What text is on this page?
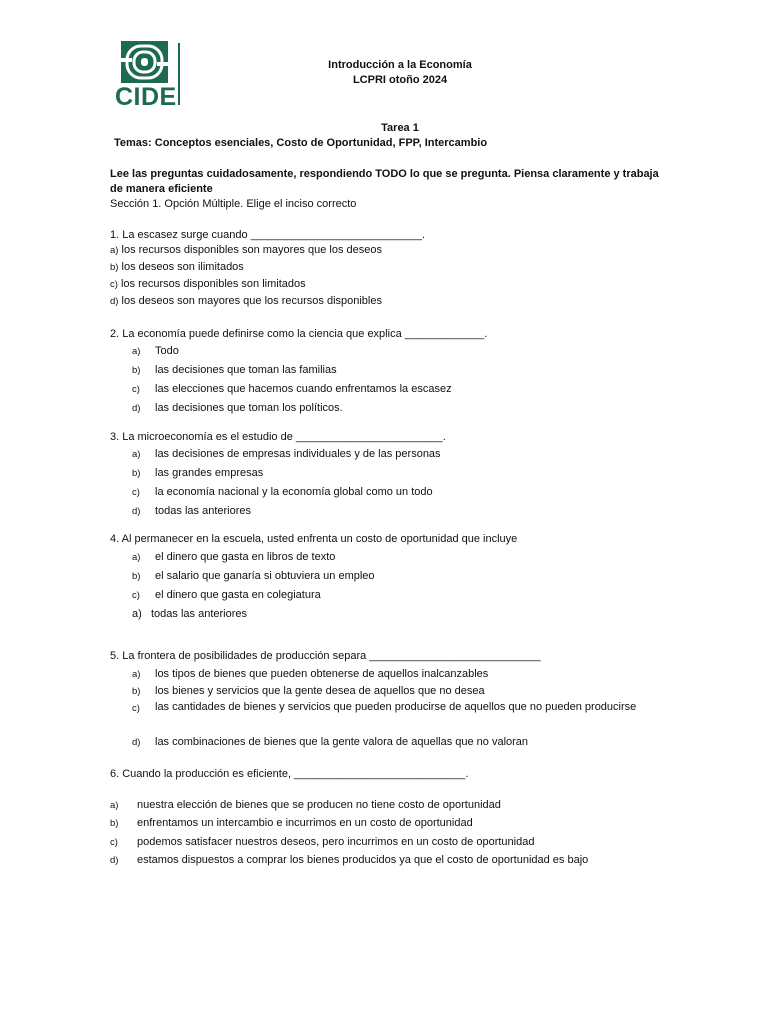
CIDE
Introducción a la Economía
LCPRI otoño 2024
Tarea 1
Temas: Conceptos esenciales, Costo de Oportunidad, FPP, Intercambio
Lee las preguntas cuidadosamente, respondiendo TODO lo que se pregunta. Piensa claramente y trabaja
de manera eficiente
Sección 1. Opción Múltiple. Elige el inciso correcto
1. La escasez surge cuando ____________________________.
a) los recursos disponibles son mayores que los deseos
b) los deseos son ilimitados
c) los recursos disponibles son limitados
d) los deseos son mayores que los recursos disponibles
2. La economía puede definirse como la ciencia que explica _____________.
a) Todo
b) las decisiones que toman las familias
c) las elecciones que hacemos cuando enfrentamos la escasez
d) las decisiones que toman los políticos.
3. La microeconomía es el estudio de ________________________.
a) las decisiones de empresas individuales y de las personas
b) las grandes empresas
c) la economía nacional y la economía global como un todo
d) todas las anteriores
4. Al permanecer en la escuela, usted enfrenta un costo de oportunidad que incluye
a) el dinero que gasta en libros de texto
b) el salario que ganaría si obtuviera un empleo
c) el dinero que gasta en colegiatura
a) todas las anteriores
5. La frontera de posibilidades de producción separa ____________________________
a) los tipos de bienes que pueden obtenerse de aquellos inalcanzables
b) los bienes y servicios que la gente desea de aquellos que no desea
c) las cantidades de bienes y servicios que pueden producirse de aquellos que no pueden producirse
d) las combinaciones de bienes que la gente valora de aquellas que no valoran
6. Cuando la producción es eficiente, ____________________________.
a) nuestra elección de bienes que se producen no tiene costo de oportunidad
b) enfrentamos un intercambio e incurrimos en un costo de oportunidad
c) podemos satisfacer nuestros deseos, pero incurrimos en un costo de oportunidad
d) estamos dispuestos a comprar los bienes producidos ya que el costo de oportunidad es bajo
